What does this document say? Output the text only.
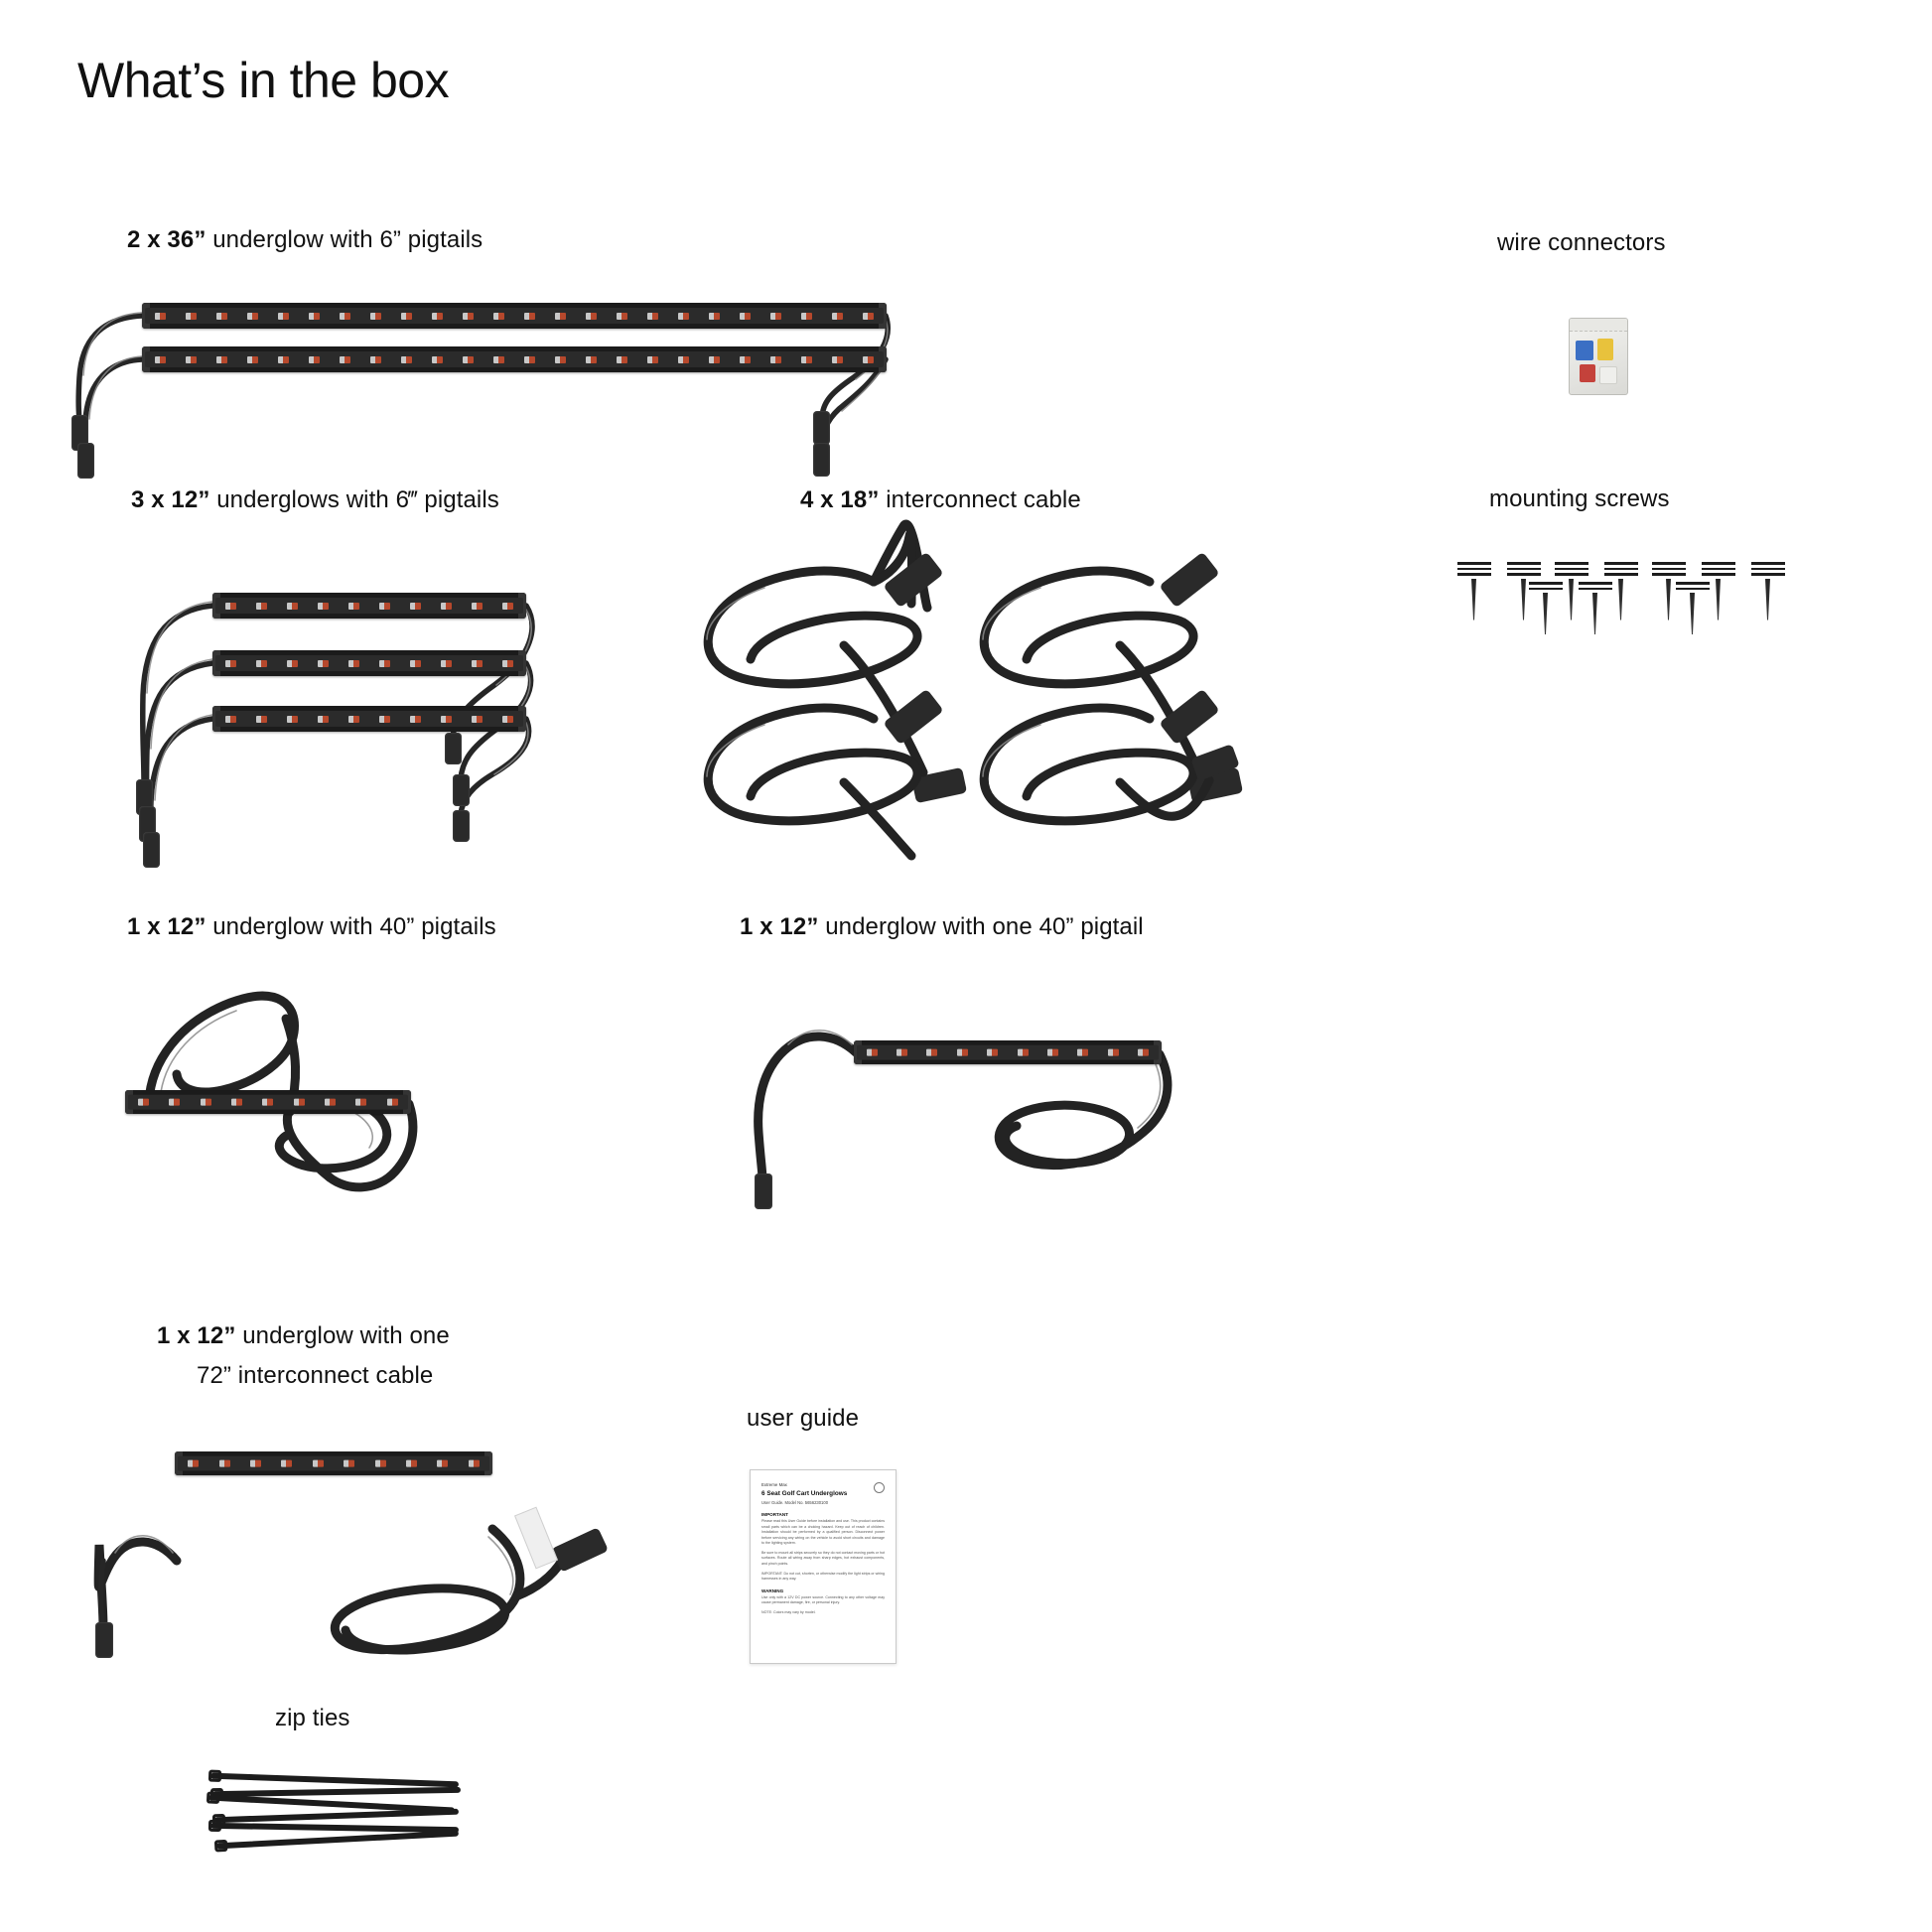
What’s in the box
2 x 36” underglow with 6” pigtails
3 x 12” underglows with 6‴ pigtails	4 x 18” interconnect cable
1 x 12” underglow with 40” pigtails	1 x 12” underglow with one 40” pigtail
1 x 12” underglow with one
72” interconnect cable
wire connectors
mounting screws
user guide
zip ties
Extreme Max
6 Seat Golf Cart Underglows
User Guide. Model No. 5656230100
IMPORTANT
Please read this User Guide before installation and use. This product contains small parts which can be a choking hazard. Keep out of reach of children. Installation should be performed by a qualified person. Disconnect power before servicing any wiring on the vehicle to avoid short circuits and damage to the lighting system.
Be sure to mount all strips securely so they do not contact moving parts or hot surfaces. Route all wiring away from sharp edges, hot exhaust components, and pinch points.
IMPORTANT: Do not cut, shorten, or otherwise modify the light strips or wiring harnesses in any way.
WARNING
Use only with a 12V DC power source. Connecting to any other voltage may cause permanent damage, fire, or personal injury.
NOTE: Colors may vary by model.
